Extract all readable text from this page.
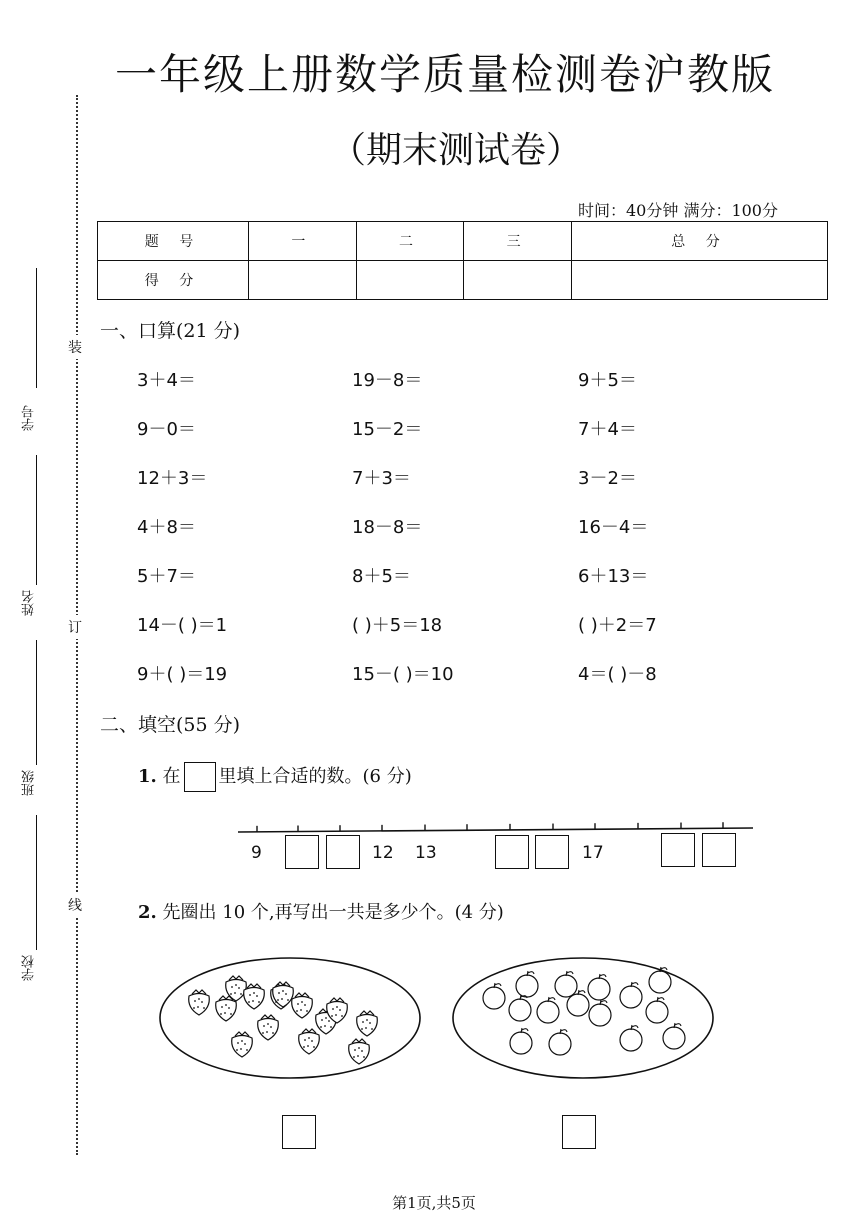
装
订
线
学号
姓名
班级
学校
一年级上册数学质量检测卷沪教版
（期末测试卷）
时间：40分钟 满分：100分
题 号	一	二	三	总 分
得 分				
一、口算(21 分)
3＋4＝	19－8＝	9＋5＝
9－0＝	15－2＝	7＋4＝
12＋3＝	7＋3＝	3－2＝
4＋8＝	18－8＝	16－4＝
5＋7＝	8＋5＝	6＋13＝
14－( )＝1	( )＋5＝18	( )＋2＝7
9＋( )＝19	15－( )＝10	4＝( )－8
二、填空(55 分)
1. 在 里填上合适的数。(6 分)
9	12 13	17
2. 先圈出 10 个,再写出一共是多少个。(4 分)
第1页,共5页
